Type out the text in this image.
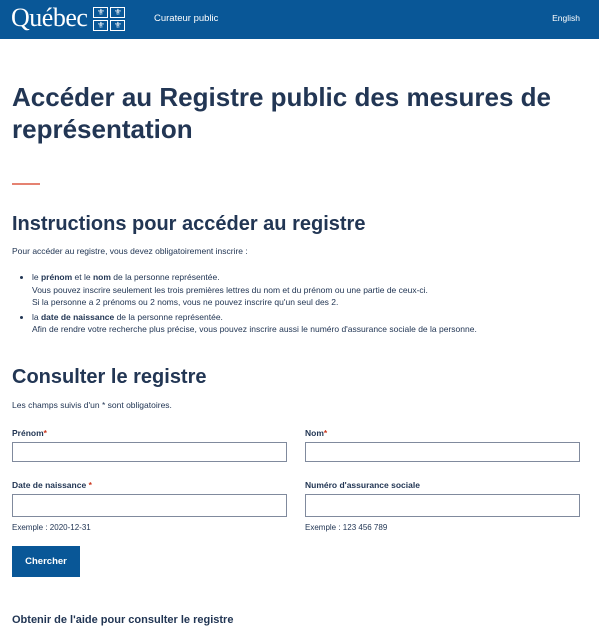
Québec	⚜ ⚜
⚜ ⚜
Curateur public	English
Accéder au Registre public des mesures de représentation
Instructions pour accéder au registre

Pour accéder au registre, vous devez obligatoirement inscrire :

• le prénom et le nom de la personne représentée.
Vous pouvez inscrire seulement les trois premières lettres du nom et du prénom ou une partie de ceux-ci.
Si la personne a 2 prénoms ou 2 noms, vous ne pouvez inscrire qu'un seul des 2.
• la date de naissance de la personne représentée.
Afin de rendre votre recherche plus précise, vous pouvez inscrire aussi le numéro d'assurance sociale de la personne.
Consulter le registre

Les champs suivis d'un * sont obligatoires.

Prénom*	Nom*
Date de naissance *
Exemple : 2020-12-31
Numéro d'assurance sociale
Exemple : 123 456 789
Chercher
Obtenir de l'aide pour consulter le registre
